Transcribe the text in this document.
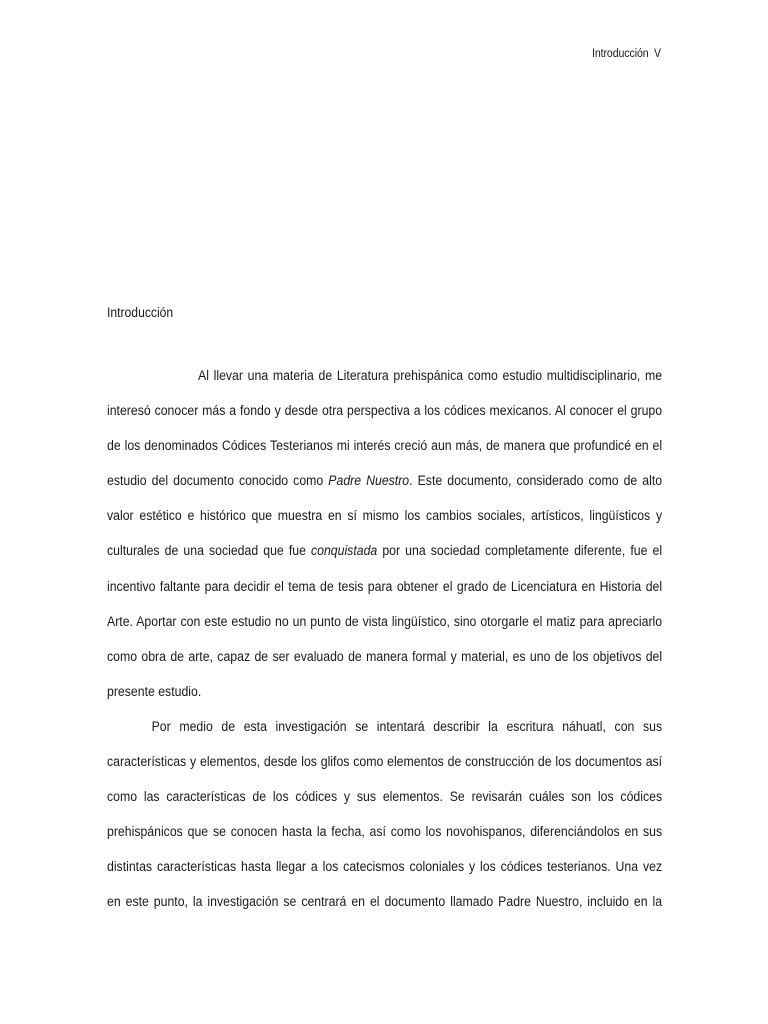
Introducción V
Introducción
Al llevar una materia de Literatura prehispánica como estudio multidisciplinario, me
interesó conocer más a fondo y desde otra perspectiva a los códices mexicanos. Al conocer el grupo
de los denominados Códices Testerianos mi interés creció aun más, de manera que profundicé en el
estudio del documento conocido como Padre Nuestro. Este documento, considerado como de alto
valor estético e histórico que muestra en sí mismo los cambios sociales, artísticos, lingüísticos y
culturales de una sociedad que fue conquistada por una sociedad completamente diferente, fue el
incentivo faltante para decidir el tema de tesis para obtener el grado de Licenciatura en Historia del
Arte. Aportar con este estudio no un punto de vista lingüístico, sino otorgarle el matiz para apreciarlo
como obra de arte, capaz de ser evaluado de manera formal y material, es uno de los objetivos del
presente estudio.
Por medio de esta investigación se intentará describir la escritura náhuatl, con sus
características y elementos, desde los glifos como elementos de construcción de los documentos así
como las características de los códices y sus elementos. Se revisarán cuáles son los códices
prehispánicos que se conocen hasta la fecha, así como los novohispanos, diferenciándolos en sus
distintas características hasta llegar a los catecismos coloniales y los códices testerianos. Una vez
en este punto, la investigación se centrará en el documento llamado Padre Nuestro, incluido en la
